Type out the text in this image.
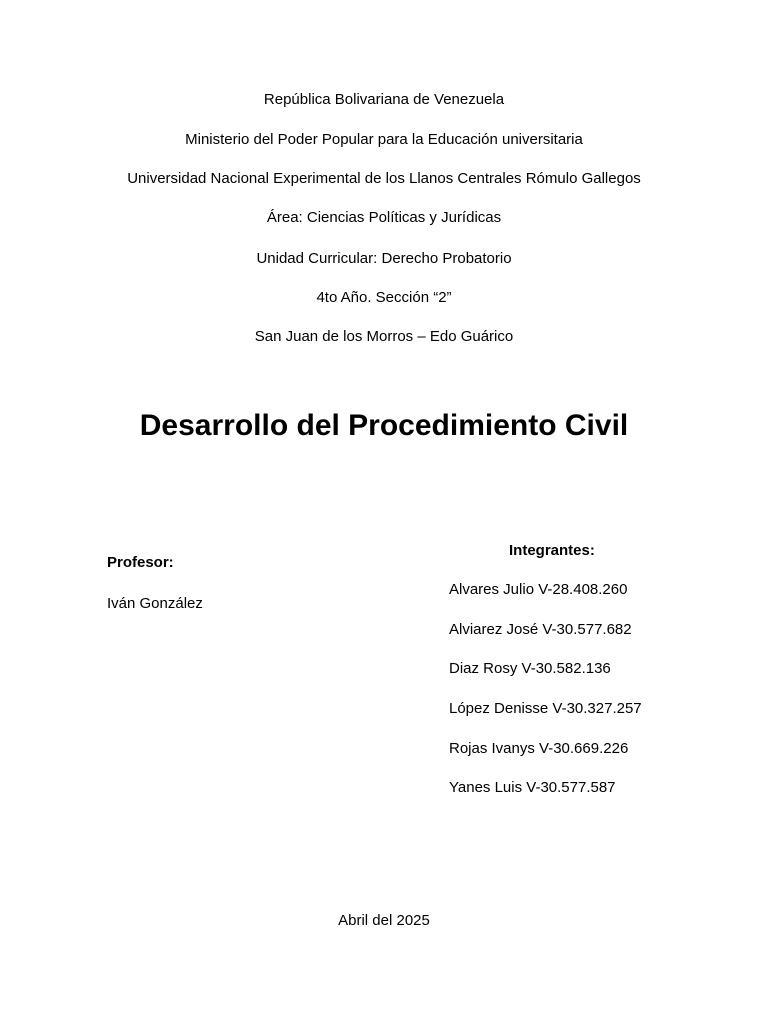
República Bolivariana de Venezuela
Ministerio del Poder Popular para la Educación universitaria
Universidad Nacional Experimental de los Llanos Centrales Rómulo Gallegos
Área: Ciencias Políticas y Jurídicas
Unidad Curricular: Derecho Probatorio
4to Año. Sección “2”
San Juan de los Morros – Edo Guárico
Desarrollo del Procedimiento Civil
Profesor:
Iván González
Integrantes:
Alvares Julio V-28.408.260
Alviarez José V-30.577.682
Diaz Rosy V-30.582.136
López Denisse V-30.327.257
Rojas Ivanys V-30.669.226
Yanes Luis V-30.577.587
Abril del 2025
